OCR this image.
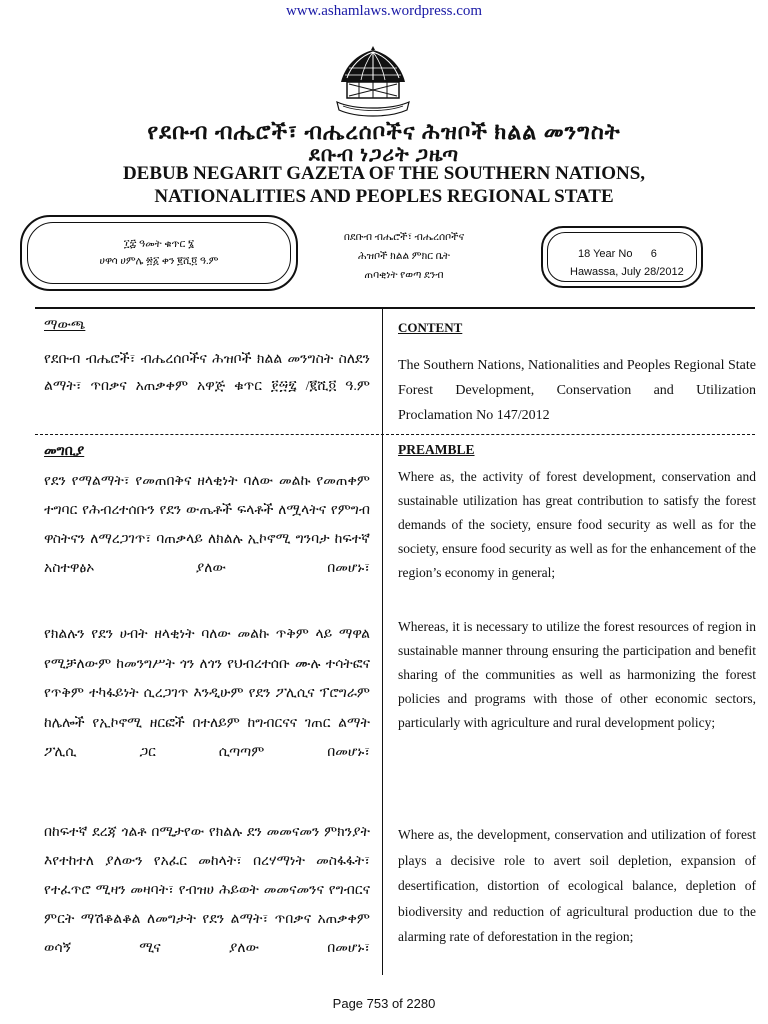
www.ashamlaws.wordpress.com
የደቡብ ብሔሮች፣ ብሔረሰቦችና ሕዝቦች ክልል መንግስት
ደቡብ ነጋሪት ጋዜጣ
DEBUB NEGARIT GAZETA OF THE SOUTHERN NATIONS,
NATIONALITIES AND PEOPLES REGIONAL STATE
፲፰ ዓመት ቁጥር ፮
ሀዋሳ ሀምሌ ፳፩ ቀን ፪ሺ፬ ዓ.ም
በደቡብ ብሔሮች፣ ብሔረሰቦችና
ሕዝቦች ክልል ምክር ቤት
ጠባቂነት የወጣ ደንብ
18 Year No 6
Hawassa, July 28/2012
ማውጫ
የደቡብ ብሔሮች፣ ብሔረሰቦችና ሕዝቦች ክልል መንግስት ስለደን ልማት፣ ጥበቃና አጠቃቀም አዋጅ ቁጥር ፻፵፯ /፪ሺ፬ ዓ.ም
CONTENT
The Southern Nations, Nationalities and Peoples Regional State Forest Development, Conservation and Utilization Proclamation No 147/2012
መግቢያ	PREAMBLE
የደን የማልማት፣ የመጠበቅና ዘላቂነት ባለው መልኩ የመጠቀም ተግባር የሕብረተሰቡን የደን ውጤቶች ፍላቶች ለሟላትና የምግብ ዋስትናን ለማረጋገጥ፣ ባጠቃላይ ለክልሉ ኢኮኖሚ ግንባታ ከፍተኛ አስተዋፅኦ ያለው በመሆኑ፣
የክልሉን የደን ሀብት ዘላቂነት ባለው መልኩ ጥቅም ላይ ማዋል የሚቻለውም ከመንግሥት ጎን ለጎን የህብረተሰቡ ሙሉ ተሳትፎና የጥቅም ተካፋይነት ሲረጋገጥ እንዲሁም የደን ፖሊሲና ፕሮግራም ከሌሎች የኢኮኖሚ ዘርፎች በተለይም ከግብርናና ገጠር ልማት ፖሊሲ ጋር ሲጣጣም በመሆኑ፣
በከፍተኛ ደረጃ ጎልቶ በሚታየው የክልሉ ደን መመናመን ምክንያት እየተከተለ ያለውን የአፈር መከላት፣ በረሃማነት መስፋፋት፣ የተፈጥሮ ሚዛን መዛባት፣ የብዝሀ ሕይወት መመናመንና የግብርና ምርት ማሽቆልቆል ለመግታት የደን ልማት፣ ጥበቃና አጠቃቀም ወሳኝ ሚና ያለው በመሆኑ፣
Where as, the activity of forest development, conservation and sustainable utilization has great contribution to satisfy the forest demands of the society, ensure food security as well as for the society, ensure food security as well as for the enhancement of the region’s economy in general;
Whereas, it is necessary to utilize the forest resources of region in sustainable manner throung ensuring the participation and benefit sharing of the communities as well as harmonizing the forest policies and programs with those of other economic sectors, particularly with agriculture and rural development policy;
Where as, the development, conservation and utilization of forest plays a decisive role to avert soil depletion, expansion of desertification, distortion of ecological balance, depletion of biodiversity and reduction of agricultural production due to the alarming rate of deforestation in the region;
Page 753 of 2280
